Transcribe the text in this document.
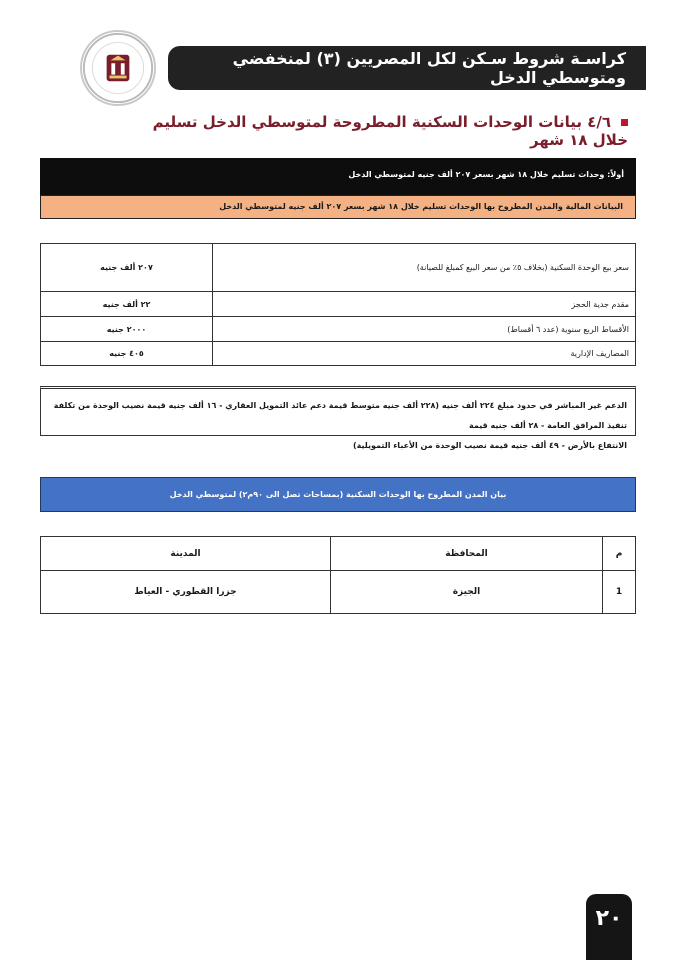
كراسـة شروط سـكن لكل المصريين (٣) لمنخفضي ومتوسطي الدخل
٤/٦ بيانات الوحدات السكنية المطروحة لمتوسطي الدخل تسليم خلال ١٨ شهر
أولاً: وحدات تسليم خلال ١٨ شهر بسعر ٢٠٧ ألف جنيه لمتوسطي الدخل
البيانات المالية والمدن المطروح بها الوحدات تسليم خلال ١٨ شهر بسعر ٢٠٧ ألف جنيه لمتوسطي الدخل
سعر بيع الوحدة السكنية (بخلاف ٥٪ من سعر البيع كمبلغ للصيانة)	٢٠٧ ألف جنيه
مقدم جدية الحجز	٢٢ ألف جنيه
الأقساط الربع سنوية (عدد ٦ أقساط)	٢٠٠٠ جنيه
المصاريف الإدارية	٤٠٥ جنيه
الدعم غير المباشر في حدود مبلغ ٢٢٤ ألف جنيه (٢٢٨ ألف جنيه متوسط قيمة دعم عائد التمويل العقاري - ١٦ ألف جنيه قيمة نصيب الوحدة من تكلفة تنفيذ المرافق العامة - ٢٨ ألف جنيه قيمة
الانتفاع بالأرض - ٤٩ ألف جنيه قيمة نصيب الوحدة من الأعباء التمويلية)
بيان المدن المطروح بها الوحدات السكنية (بمساحات تصل الى ٩٠م٢) لمتوسطي الدخل
م	المحافظة	المدينة
1	الجيزة	جزرا القطوري - العياط
٢٠
